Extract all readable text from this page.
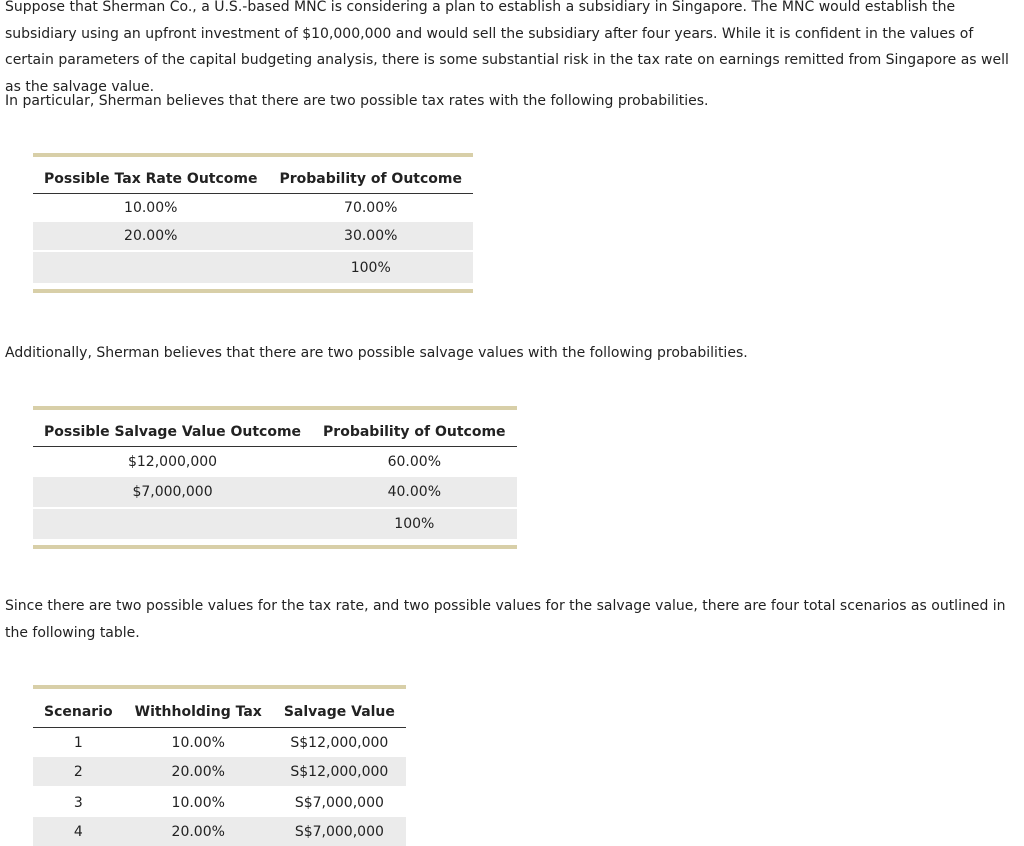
Suppose that Sherman Co., a U.S.-based MNC is considering a plan to establish a subsidiary in Singapore. The MNC would establish the subsidiary using an upfront investment of $10,000,000 and would sell the subsidiary after four years. While it is confident in the values of certain parameters of the capital budgeting analysis, there is some substantial risk in the tax rate on earnings remitted from Singapore as well as the salvage value.

In particular, Sherman believes that there are two possible tax rates with the following probabilities.

Possible Tax Rate Outcome	Probability of Outcome
10.00%	70.00%
20.00%	30.00%

	100%

Additionally, Sherman believes that there are two possible salvage values with the following probabilities.

Possible Salvage Value Outcome	Probability of Outcome
$12,000,000	60.00%
$7,000,000	40.00%

	100%

Since there are two possible values for the tax rate, and two possible values for the salvage value, there are four total scenarios as outlined in the following table.

Scenario	Withholding Tax	Salvage Value
1	10.00%	S$12,000,000
2	20.00%	S$12,000,000

3	10.00%	S$7,000,000
4	20.00%	S$7,000,000
